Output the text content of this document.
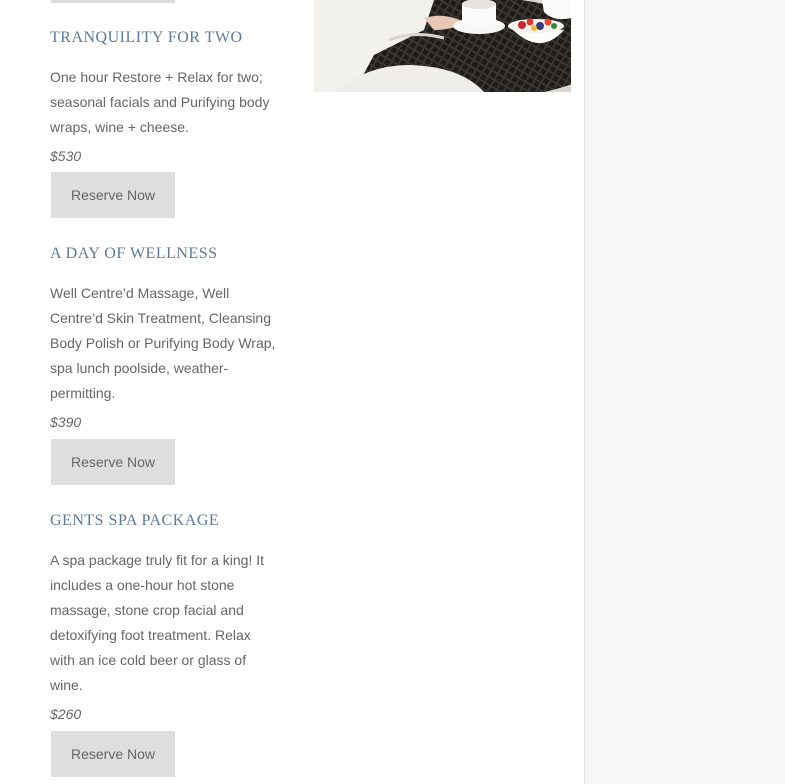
TRANQUILITY FOR TWO

One hour Restore + Relax for two; seasonal facials and Purifying body wraps, wine + cheese.

$530

Reserve Now
A DAY OF WELLNESS

Well Centre’d Massage, Well Centre’d Skin Treatment, Cleansing Body Polish or Purifying Body Wrap, spa lunch poolside, weather-permitting.

$390

Reserve Now
GENTS SPA PACKAGE

A spa package truly fit for a king! It includes a one-hour hot stone massage, stone crop facial and detoxifying foot treatment. Relax with an ice cold beer or glass of wine.

$260

Reserve Now
